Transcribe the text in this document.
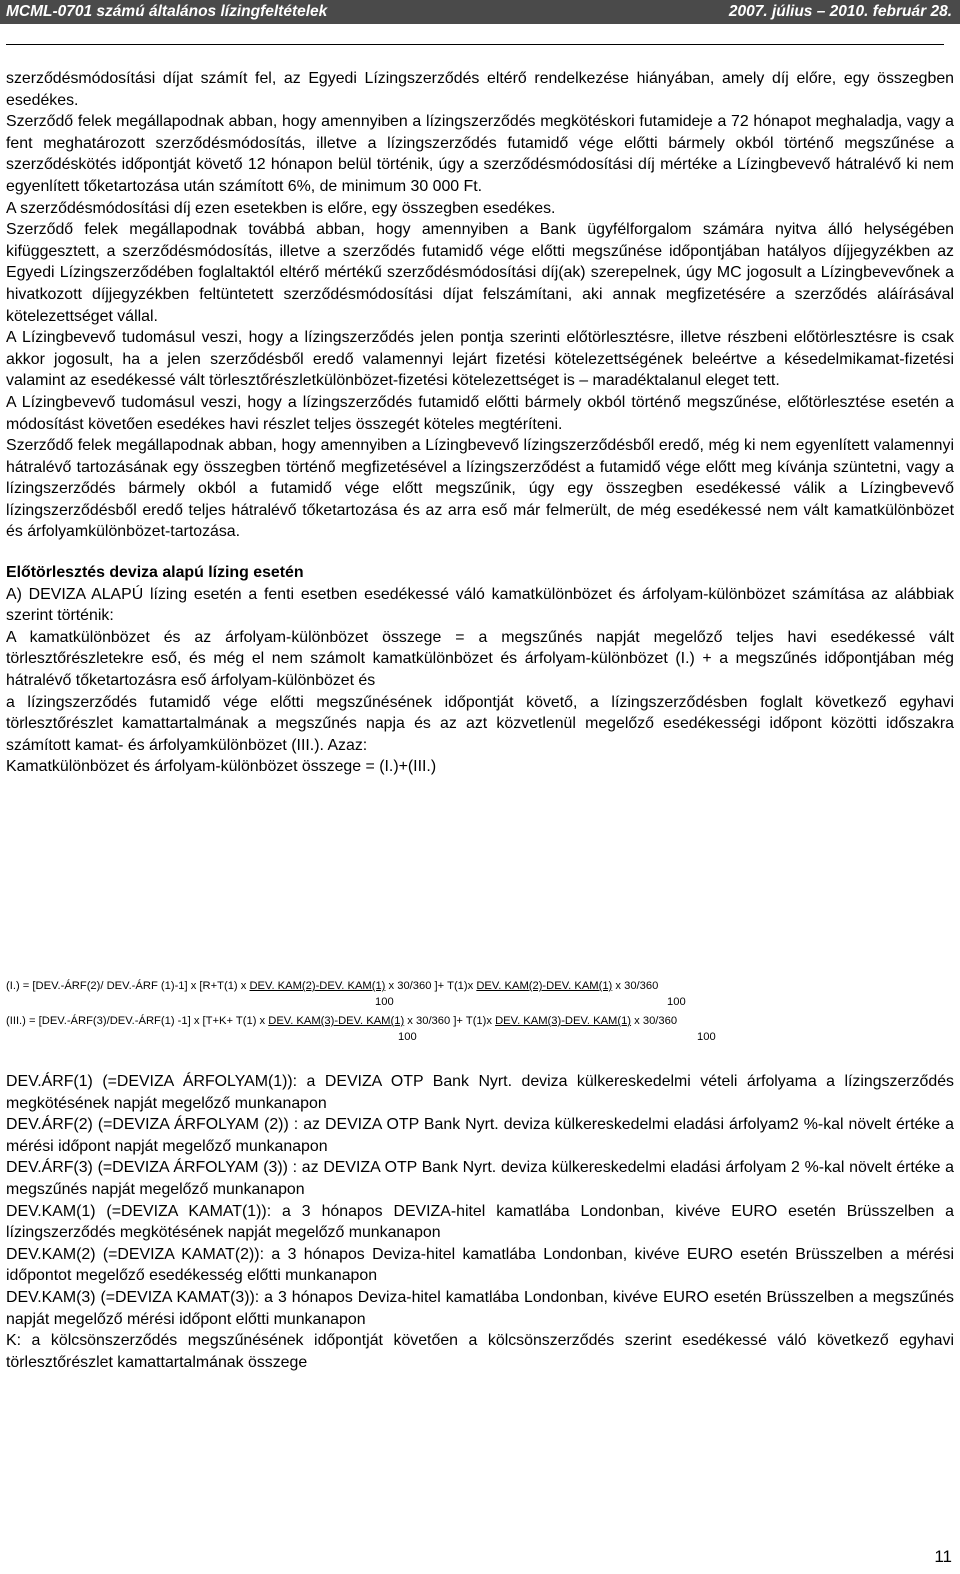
MCML-0701 számú általános lízingfeltételek	2007. július – 2010. február 28.

szerződésmódosítási díjat számít fel, az Egyedi Lízingszerződés eltérő rendelkezése hiányában, amely díj előre, egy összegben esedékes.

Szerződő felek megállapodnak abban, hogy amennyiben a lízingszerződés megkötéskori futamideje a 72 hónapot meghaladja, vagy a fent meghatározott szerződésmódosítás, illetve a lízingszerződés futamidő vége előtti bármely okból történő megszűnése a szerződéskötés időpontját követő 12 hónapon belül történik, úgy a szerződésmódosítási díj mértéke a Lízingbevevő hátralévő ki nem egyenlített tőketartozása után számított 6%, de minimum 30 000 Ft.

A szerződésmódosítási díj ezen esetekben is előre, egy összegben esedékes.

Szerződő felek megállapodnak továbbá abban, hogy amennyiben a Bank ügyfélforgalom számára nyitva álló helységében kifüggesztett, a szerződésmódosítás, illetve a szerződés futamidő vége előtti megszűnése időpontjában hatályos díjjegyzékben az Egyedi Lízingszerződében foglaltaktól eltérő mértékű szerződésmódosítási díj(ak) szerepelnek, úgy MC jogosult a Lízingbevevőnek a hivatkozott díjjegyzékben feltüntetett szerződésmódosítási díjat felszámítani, aki annak megfizetésére a szerződés aláírásával kötelezettséget vállal.

A Lízingbevevő tudomásul veszi, hogy a lízingszerződés jelen pontja szerinti előtörlesztésre, illetve részbeni előtörlesztésre is csak akkor jogosult, ha a jelen szerződésből eredő valamennyi lejárt fizetési kötelezettségének beleértve a késedelmikamat-fizetési valamint az esedékessé vált törlesztőrészletkülönbözet-fizetési kötelezettséget is – maradéktalanul eleget tett.

A Lízingbevevő tudomásul veszi, hogy a lízingszerződés futamidő előtti bármely okból történő megszűnése, előtörlesztése esetén a módosítást követően esedékes havi részlet teljes összegét köteles megtéríteni.

Szerződő felek megállapodnak abban, hogy amennyiben a Lízingbevevő lízingszerződésből eredő, még ki nem egyenlített valamennyi hátralévő tartozásának egy összegben történő megfizetésével a lízingszerződést a futamidő vége előtt meg kívánja szüntetni, vagy a lízingszerződés bármely okból a futamidő vége előtt megszűnik, úgy egy összegben esedékessé válik a Lízingbevevő lízingszerződésből eredő teljes hátralévő tőketartozása és az arra eső már felmerült, de még esedékessé nem vált kamatkülönbözet és árfolyamkülönbözet-tartozása.

Előtörlesztés deviza alapú lízing esetén

A) DEVIZA ALAPÚ lízing esetén a fenti esetben esedékessé váló kamatkülönbözet és árfolyam-különbözet számítása az alábbiak szerint történik:

A kamatkülönbözet és az árfolyam-különbözet összege = a megszűnés napját megelőző teljes havi esedékessé vált törlesztőrészletekre eső, és még el nem számolt kamatkülönbözet és árfolyam-különbözet (I.) + a megszűnés időpontjában még hátralévő tőketartozásra eső árfolyam-különbözet és

a lízingszerződés futamidő vége előtti megszűnésének időpontját követő, a lízingszerződésben foglalt következő egyhavi törlesztőrészlet kamattartalmának a megszűnés napja és az azt közvetlenül megelőző esedékességi időpont közötti időszakra számított kamat- és árfolyamkülönbözet (III.). Azaz:

Kamatkülönbözet és árfolyam-különbözet összege = (I.)+(III.)

(I.) = [DEV.-ÁRF(2)/ DEV.-ÁRF (1)-1] x [R+T(1) x DEV. KAM(2)-DEV. KAM(1) x 30/360 ]+ T(1)x DEV. KAM(2)-DEV. KAM(1) x 30/360
100	100
(III.) = [DEV.-ÁRF(3)/DEV.-ÁRF(1) -1] x [T+K+ T(1) x DEV. KAM(3)-DEV. KAM(1) x 30/360 ]+ T(1)x DEV. KAM(3)-DEV. KAM(1) x 30/360
100	100

DEV.ÁRF(1) (=DEVIZA ÁRFOLYAM(1)): a DEVIZA OTP Bank Nyrt. deviza külkereskedelmi vételi árfolyama a lízingszerződés megkötésének napját megelőző munkanapon

DEV.ÁRF(2) (=DEVIZA ÁRFOLYAM (2)) : az DEVIZA OTP Bank Nyrt. deviza külkereskedelmi eladási árfolyam2 %-kal növelt értéke a mérési időpont napját megelőző munkanapon

DEV.ÁRF(3) (=DEVIZA ÁRFOLYAM (3)) : az DEVIZA OTP Bank Nyrt. deviza külkereskedelmi eladási árfolyam 2 %-kal növelt értéke a megszűnés napját megelőző munkanapon

DEV.KAM(1) (=DEVIZA KAMAT(1)): a 3 hónapos DEVIZA-hitel kamatlába Londonban, kivéve EURO esetén Brüsszelben a lízingszerződés megkötésének napját megelőző munkanapon

DEV.KAM(2) (=DEVIZA KAMAT(2)): a 3 hónapos Deviza-hitel kamatlába Londonban, kivéve EURO esetén Brüsszelben a mérési időpontot megelőző esedékesség előtti munkanapon

DEV.KAM(3) (=DEVIZA KAMAT(3)): a 3 hónapos Deviza-hitel kamatlába Londonban, kivéve EURO esetén Brüsszelben a megszűnés napját megelőző mérési időpont előtti munkanapon

K: a kölcsönszerződés megszűnésének időpontját követően a kölcsönszerződés szerint esedékessé váló következő egyhavi törlesztőrészlet kamattartalmának összege

11
